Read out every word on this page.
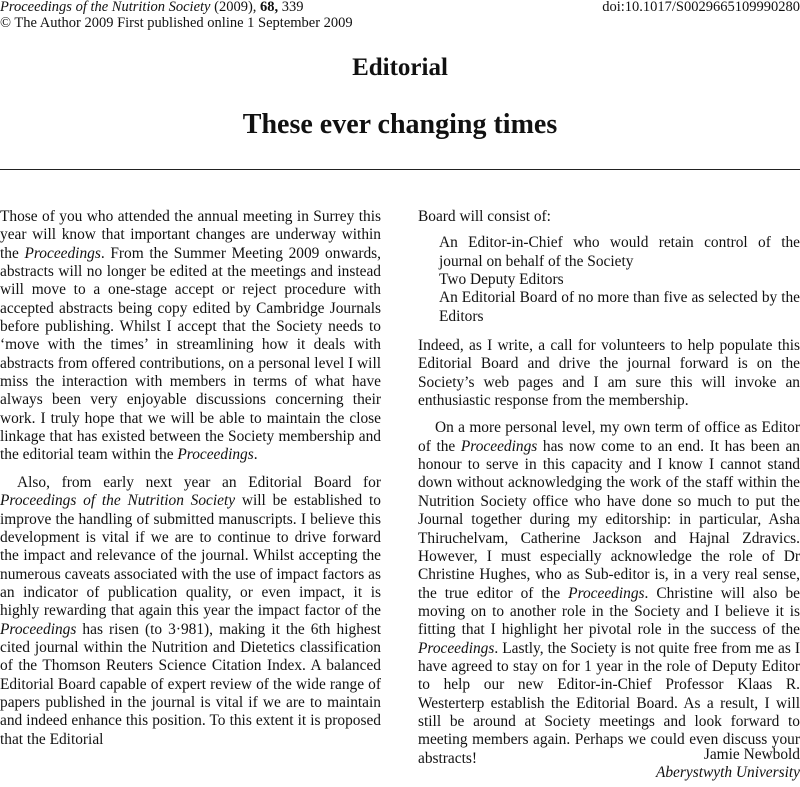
Proceedings of the Nutrition Society (2009), 68, 339	doi:10.1017/S0029665109990280
© The Author 2009 First published online 1 September 2009
Editorial
These ever changing times

Those of you who attended the annual meeting in Surrey this year will know that important changes are underway within the Proceedings. From the Summer Meeting 2009 onwards, abstracts will no longer be edited at the meetings and instead will move to a one-stage accept or reject procedure with accepted abstracts being copy edited by Cambridge Journals before publishing. Whilst I accept that the Society needs to ‘move with the times’ in streamlining how it deals with abstracts from offered contributions, on a personal level I will miss the interaction with members in terms of what have always been very enjoyable discussions concerning their work. I truly hope that we will be able to maintain the close linkage that has existed between the Society membership and the editorial team within the Proceedings.

Also, from early next year an Editorial Board for Proceedings of the Nutrition Society will be established to improve the handling of submitted manuscripts. I believe this development is vital if we are to continue to drive forward the impact and relevance of the journal. Whilst accepting the numerous caveats associated with the use of impact factors as an indicator of publication quality, or even impact, it is highly rewarding that again this year the impact factor of the Proceedings has risen (to 3·981), making it the 6th highest cited journal within the Nutrition and Dietetics classification of the Thomson Reuters Science Citation Index. A balanced Editorial Board capable of expert review of the wide range of papers published in the journal is vital if we are to maintain and indeed enhance this position. To this extent it is proposed that the Editorial

Board will consist of:

An Editor-in-Chief who would retain control of the journal on behalf of the Society

Two Deputy Editors

An Editorial Board of no more than five as selected by the Editors

Indeed, as I write, a call for volunteers to help populate this Editorial Board and drive the journal forward is on the Society’s web pages and I am sure this will invoke an enthusiastic response from the membership.

On a more personal level, my own term of office as Editor of the Proceedings has now come to an end. It has been an honour to serve in this capacity and I know I cannot stand down without acknowledging the work of the staff within the Nutrition Society office who have done so much to put the Journal together during my editorship: in particular, Asha Thiruchelvam, Catherine Jackson and Hajnal Zdravics. However, I must especially acknowledge the role of Dr Christine Hughes, who as Sub-editor is, in a very real sense, the true editor of the Proceedings. Christine will also be moving on to another role in the Society and I believe it is fitting that I highlight her pivotal role in the success of the Proceedings. Lastly, the Society is not quite free from me as I have agreed to stay on for 1 year in the role of Deputy Editor to help our new Editor-in-Chief Professor Klaas R. Westerterp establish the Editorial Board. As a result, I will still be around at Society meetings and look forward to meeting members again. Perhaps we could even discuss your abstracts!	Jamie Newbold
Aberystwyth University
